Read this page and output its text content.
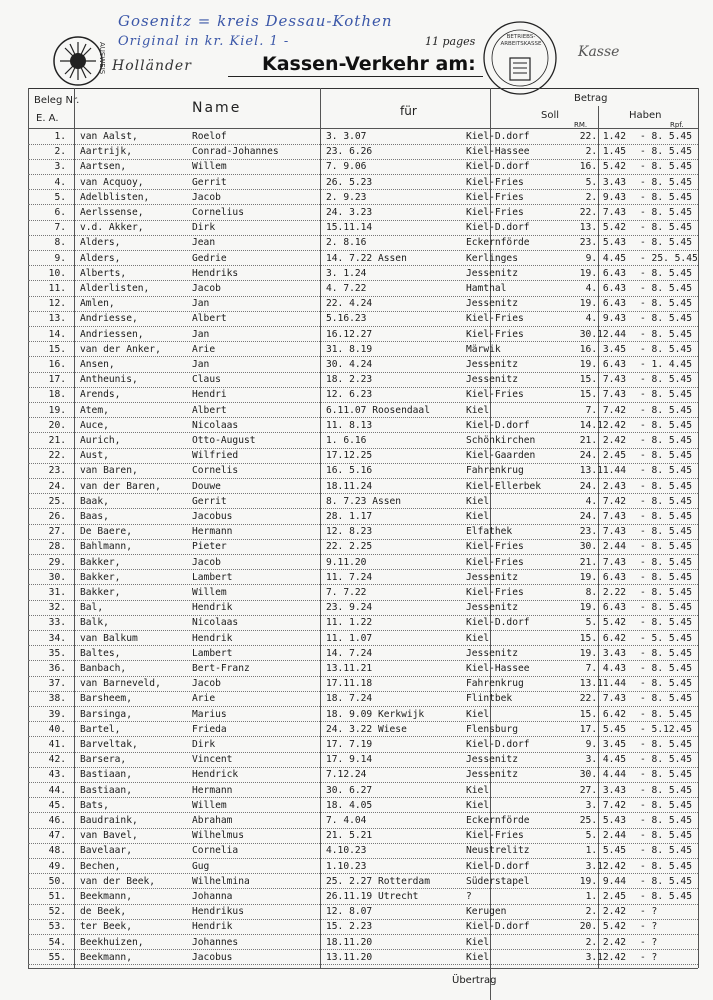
Gosenitz = kreis Dessau-Kothen
Original in kr. Kiel. 1 -
Holländer
AUSWEIS	Kassen-Verkehr am:
11 pages	BETRIEBS-ARBEITSKASSE	Kasse
Beleg Nr.
E. A.
Name	für
Betrag
Soll	Haben
RM.	Rpf.
1. van Aalst,	Roelof	3. 3.07	Kiel-D.dorf	22. 1.42 - 8. 5.45
2. Aartrijk,	Conrad-Johannes	23. 6.26	Kiel-Hassee	2. 1.45 - 8. 5.45
3. Aartsen,	Willem	7. 9.06	Kiel-D.dorf	16. 5.42 - 8. 5.45
4. van Acquoy,	Gerrit	26. 5.23	Kiel-Fries	5. 3.43 - 8. 5.45
5. Adelblisten,	Jacob	2. 9.23	Kiel-Fries	2. 9.43 - 8. 5.45
6. Aerlssense,	Cornelius	24. 3.23	Kiel-Fries	22. 7.43 - 8. 5.45
7. v.d. Akker,	Dirk	15.11.14	Kiel-D.dorf	13. 5.42 - 8. 5.45
8. Alders,	Jean	2. 8.16	Eckernförde	23. 5.43 - 8. 5.45
9. Alders,	Gedrie	14. 7.22 Assen	Kerlinges	9. 4.45 - 25. 5.45
10. Alberts,	Hendriks	3. 1.24	Jessenitz	19. 6.43 - 8. 5.45
11. Alderlisten,	Jacob	4. 7.22	Hamthal	4. 6.43 - 8. 5.45
12. Amlen,	Jan	22. 4.24	Jessenitz	19. 6.43 - 8. 5.45
13. Andriesse,	Albert	5.16.23	Kiel-Fries	4. 9.43 - 8. 5.45
14. Andriessen,	Jan	16.12.27	Kiel-Fries	30.12.44 - 8. 5.45
15. van der Anker,	Arie	31. 8.19	Märwik	16. 3.45 - 8. 5.45
16. Ansen,	Jan	30. 4.24	Jessenitz	19. 6.43 - 1. 4.45
17. Antheunis,	Claus	18. 2.23	Jessenitz	15. 7.43 - 8. 5.45
18. Arends,	Hendri	12. 6.23	Kiel-Fries	15. 7.43 - 8. 5.45
19. Atem,	Albert	6.11.07 Roosendaal	Kiel	7. 7.42 - 8. 5.45
20. Auce,	Nicolaas	11. 8.13	Kiel-D.dorf	14.12.42 - 8. 5.45
21. Aurich,	Otto-August	1. 6.16	Schönkirchen	21. 2.42 - 8. 5.45
22. Aust,	Wilfried	17.12.25	Kiel-Gaarden	24. 2.45 - 8. 5.45
23. van Baren,	Cornelis	16. 5.16	Fahrenkrug	13.11.44 - 8. 5.45
24. van der Baren,	Douwe	18.11.24	Kiel-Ellerbek	24. 2.43 - 8. 5.45
25. Baak,	Gerrit	8. 7.23 Assen	Kiel	4. 7.42 - 8. 5.45
26. Baas,	Jacobus	28. 1.17	Kiel	24. 7.43 - 8. 5.45
27. De Baere,	Hermann	12. 8.23	Elfathek	23. 7.43 - 8. 5.45
28. Bahlmann,	Pieter	22. 2.25	Kiel-Fries	30. 2.44 - 8. 5.45
29. Bakker,	Jacob	9.11.20	Kiel-Fries	21. 7.43 - 8. 5.45
30. Bakker,	Lambert	11. 7.24	Jessenitz	19. 6.43 - 8. 5.45
31. Bakker,	Willem	7. 7.22	Kiel-Fries	8. 2.22 - 8. 5.45
32. Bal,	Hendrik	23. 9.24	Jessenitz	19. 6.43 - 8. 5.45
33. Balk,	Nicolaas	11. 1.22	Kiel-D.dorf	5. 5.42 - 8. 5.45
34. van Balkum	Hendrik	11. 1.07	Kiel	15. 6.42 - 5. 5.45
35. Baltes,	Lambert	14. 7.24	Jessenitz	19. 3.43 - 8. 5.45
36. Banbach,	Bert-Franz	13.11.21	Kiel-Hassee	7. 4.43 - 8. 5.45
37. van Barneveld,	Jacob	17.11.18	Fahrenkrug	13.11.44 - 8. 5.45
38. Barsheem,	Arie	18. 7.24	Flintbek	22. 7.43 - 8. 5.45
39. Barsinga,	Marius	18. 9.09 Kerkwijk	Kiel	15. 6.42 - 8. 5.45
40. Bartel,	Frieda	24. 3.22 Wiese	Flensburg	17. 5.45 - 5.12.45
41. Barveltak,	Dirk	17. 7.19	Kiel-D.dorf	9. 3.45 - 8. 5.45
42. Barsera,	Vincent	17. 9.14	Jessenitz	3. 4.45 - 8. 5.45
43. Bastiaan,	Hendrick	7.12.24	Jessenitz	30. 4.44 - 8. 5.45
44. Bastiaan,	Hermann	30. 6.27	Kiel	27. 3.43 - 8. 5.45
45. Bats,	Willem	18. 4.05	Kiel	3. 7.42 - 8. 5.45
46. Baudraink,	Abraham	7. 4.04	Eckernförde	25. 5.43 - 8. 5.45
47. van Bavel,	Wilhelmus	21. 5.21	Kiel-Fries	5. 2.44 - 8. 5.45
48. Bavelaar,	Cornelia	4.10.23	Neustrelitz	1. 5.45 - 8. 5.45
49. Bechen,	Gug	1.10.23	Kiel-D.dorf	3.12.42 - 8. 5.45
50. van der Beek,	Wilhelmina	25. 2.27 Rotterdam	Süderstapel	19. 9.44 - 8. 5.45
51. Beekmann,	Johanna	26.11.19 Utrecht	?	1. 2.45 - 8. 5.45
52. de Beek,	Hendrikus	12. 8.07	Kerugen	2. 2.42 - ?
53. ter Beek,	Hendrik	15. 2.23	Kiel-D.dorf	20. 5.42 - ?
54. Beekhuizen,	Johannes	18.11.20	Kiel	2. 2.42 - ?
55. Beekmann,	Jacobus	13.11.20	Kiel	3.12.42 - ?
Übertrag
